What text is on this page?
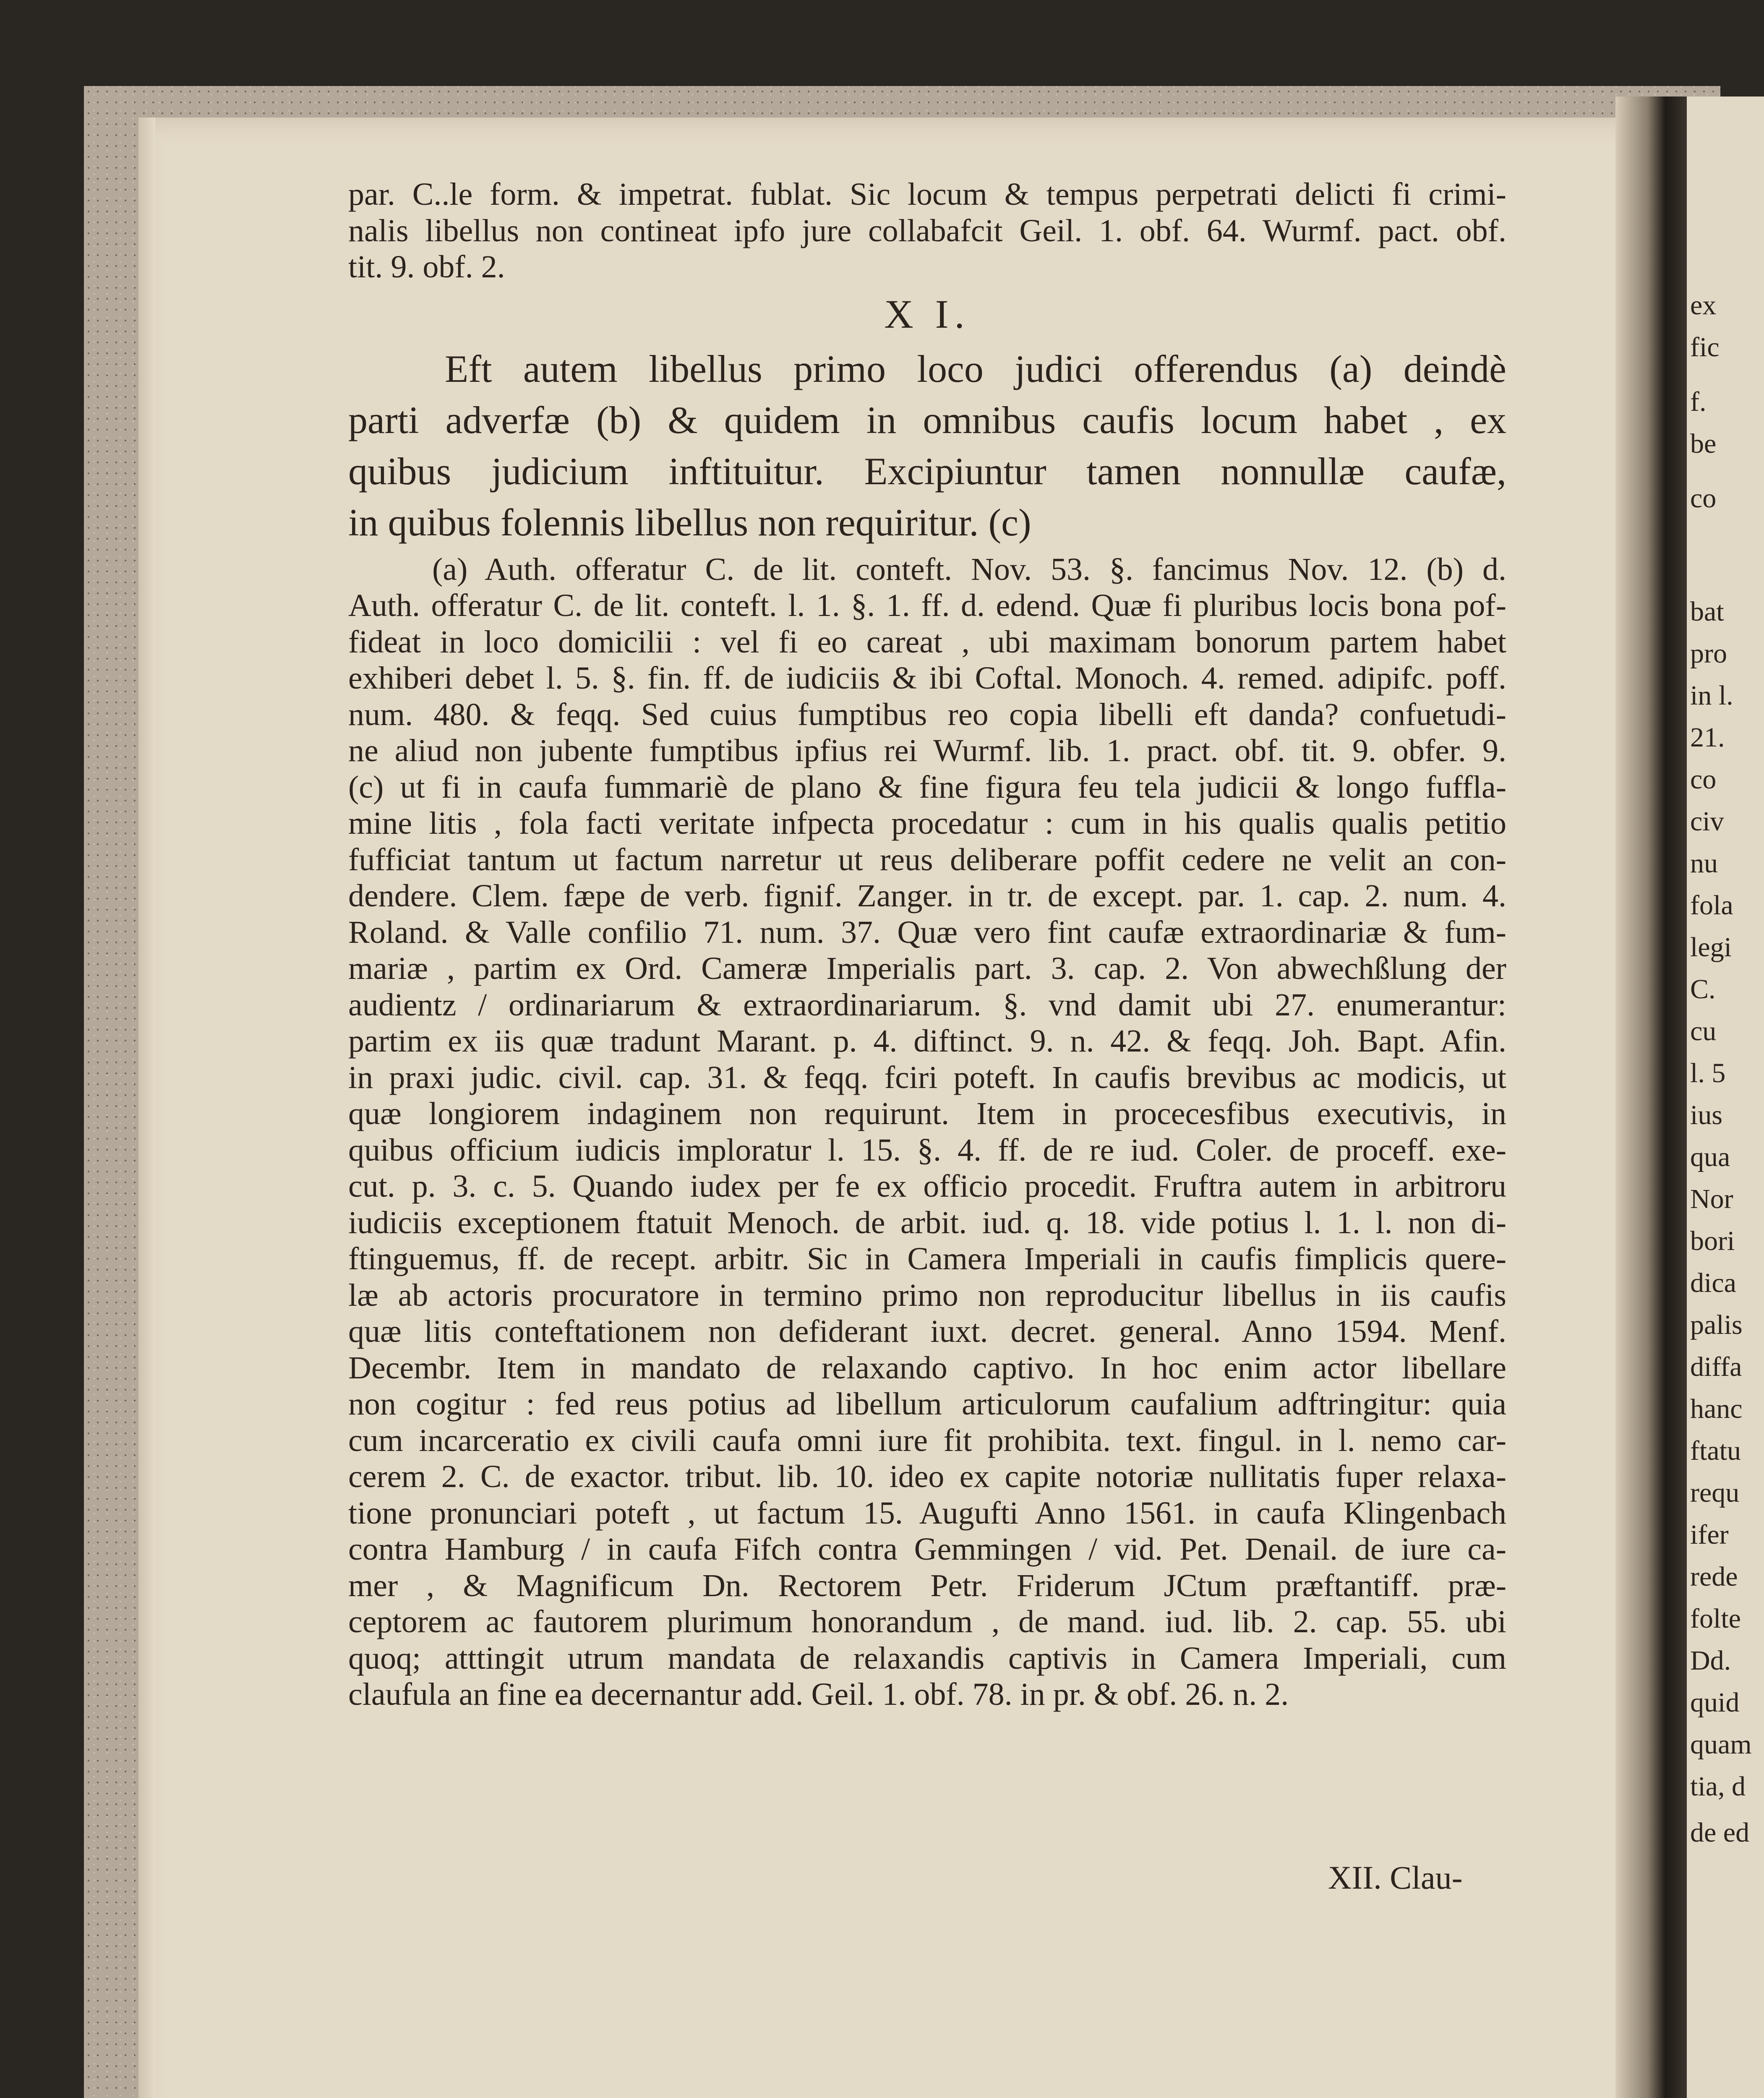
ex
fic
f.
be
co
bat
pro
in l.
21.
co
civ
nu
fola
legi
C.
cu
l. 5
ius
qua
Nor
bori
dica
palis
diffa
hanc
ftatu
requ
ifer
rede
folte
Dd.
quid
quam
tia, d
de ed
par. C..le form. & impetrat. fublat. Sic locum & tempus perpetrati delicti fi crimi-
nalis libellus non contineat ipfo jure collabafcit Geil. 1. obf. 64. Wurmf. pact. obf.
tit. 9. obf. 2.
X I.
Eft autem libellus primo loco judici offerendus (a) deindè
parti adverfæ (b) & quidem in omnibus caufis locum habet , ex
quibus judicium inftituitur. Excipiuntur tamen nonnullæ caufæ,
in quibus folennis libellus non requiritur. (c)
(a) Auth. offeratur C. de lit. conteft. Nov. 53. §. fancimus Nov. 12. (b) d.
Auth. offeratur C. de lit. conteft. l. 1. §. 1. ff. d. edend. Quæ fi pluribus locis bona pof-
fideat in loco domicilii : vel fi eo careat , ubi maximam bonorum partem habet
exhiberi debet l. 5. §. fin. ff. de iudiciis & ibi Coftal. Monoch. 4. remed. adipifc. poff.
num. 480. & feqq. Sed cuius fumptibus reo copia libelli eft danda? confuetudi-
ne aliud non jubente fumptibus ipfius rei Wurmf. lib. 1. pract. obf. tit. 9. obfer. 9.
(c) ut fi in caufa fummariè de plano & fine figura feu tela judicii & longo fuffla-
mine litis , fola facti veritate infpecta procedatur : cum in his qualis qualis petitio
fufficiat tantum ut factum narretur ut reus deliberare poffit cedere ne velit an con-
dendere. Clem. fæpe de verb. fignif. Zanger. in tr. de except. par. 1. cap. 2. num. 4.
Roland. & Valle confilio 71. num. 37. Quæ vero fint caufæ extraordinariæ & fum-
mariæ , partim ex Ord. Cameræ Imperialis part. 3. cap. 2. Von abwechßlung der
audientz / ordinariarum & extraordinariarum. §. vnd damit ubi 27. enumerantur:
partim ex iis quæ tradunt Marant. p. 4. diftinct. 9. n. 42. & feqq. Joh. Bapt. Afin.
in praxi judic. civil. cap. 31. & feqq. fciri poteft. In caufis brevibus ac modicis, ut
quæ longiorem indaginem non requirunt. Item in procecesfibus executivis, in
quibus officium iudicis imploratur l. 15. §. 4. ff. de re iud. Coler. de proceff. exe-
cut. p. 3. c. 5. Quando iudex per fe ex officio procedit. Fruftra autem in arbitroru
iudiciis exceptionem ftatuit Menoch. de arbit. iud. q. 18. vide potius l. 1. l. non di-
ftinguemus, ff. de recept. arbitr. Sic in Camera Imperiali in caufis fimplicis quere-
læ ab actoris procuratore in termino primo non reproducitur libellus in iis caufis
quæ litis conteftationem non defiderant iuxt. decret. general. Anno 1594. Menf.
Decembr. Item in mandato de relaxando captivo. In hoc enim actor libellare
non cogitur : fed reus potius ad libellum articulorum caufalium adftringitur: quia
cum incarceratio ex civili caufa omni iure fit prohibita. text. fingul. in l. nemo car-
cerem 2. C. de exactor. tribut. lib. 10. ideo ex capite notoriæ nullitatis fuper relaxa-
tione pronunciari poteft , ut factum 15. Augufti Anno 1561. in caufa Klingenbach
contra Hamburg / in caufa Fifch contra Gemmingen / vid. Pet. Denail. de iure ca-
mer , & Magnificum Dn. Rectorem Petr. Friderum JCtum præftantiff. præ-
ceptorem ac fautorem plurimum honorandum , de mand. iud. lib. 2. cap. 55. ubi
quoq; atttingit utrum mandata de relaxandis captivis in Camera Imperiali, cum
claufula an fine ea decernantur add. Geil. 1. obf. 78. in pr. & obf. 26. n. 2.
XII. Clau-
